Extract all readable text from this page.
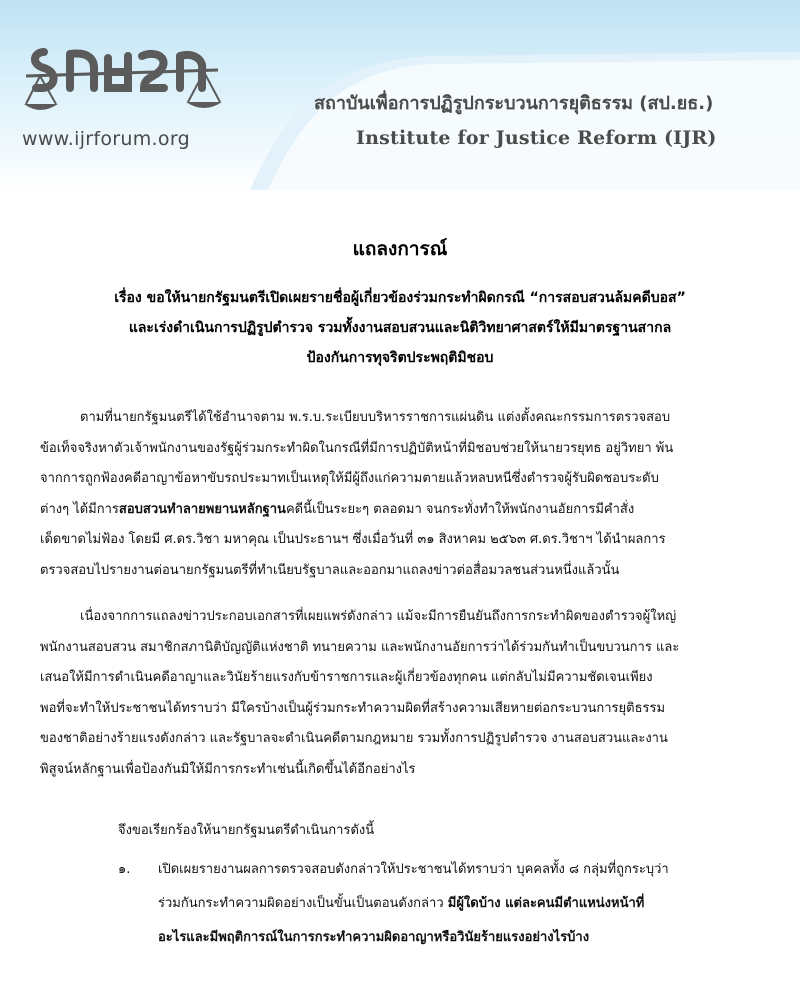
www.ijrforum.org
สถาบันเพื่อการปฏิรูปกระบวนการยุติธรรม (สป.ยธ.)
Institute for Justice Reform (IJR)
แถลงการณ์
เรื่อง ขอให้นายกรัฐมนตรีเปิดเผยรายชื่อผู้เกี่ยวข้องร่วมกระทำผิดกรณี “การสอบสวนล้มคดีบอส”
และเร่งดำเนินการปฏิรูปตำรวจ รวมทั้งงานสอบสวนและนิติวิทยาศาสตร์ให้มีมาตรฐานสากล
ป้องกันการทุจริตประพฤติมิชอบ
ตามที่นายกรัฐมนตรีได้ใช้อำนาจตาม พ.ร.บ.ระเบียบบริหารราชการแผ่นดิน แต่งตั้งคณะกรรมการตรวจสอบ
ข้อเท็จจริงหาตัวเจ้าพนักงานของรัฐผู้ร่วมกระทำผิดในกรณีที่มีการปฏิบัติหน้าที่มิชอบช่วยให้นายวรยุทธ อยู่วิทยา พ้น
จากการถูกฟ้องคดีอาญาข้อหาขับรถประมาทเป็นเหตุให้มีผู้ถึงแก่ความตายแล้วหลบหนีซึ่งตำรวจผู้รับผิดชอบระดับ
ต่างๆ ได้มีการสอบสวนทำลายพยานหลักฐานคดีนี้เป็นระยะๆ ตลอดมา จนกระทั่งทำให้พนักงานอัยการมีคำสั่ง
เด็ดขาดไม่ฟ้อง โดยมี ศ.ดร.วิชา มหาคุณ เป็นประธานฯ ซึ่งเมื่อวันที่ ๓๑ สิงหาคม ๒๕๖๓ ศ.ดร.วิชาฯ ได้นำผลการ
ตรวจสอบไปรายงานต่อนายกรัฐมนตรีที่ทำเนียบรัฐบาลและออกมาแถลงข่าวต่อสื่อมวลชนส่วนหนึ่งแล้วนั้น
เนื่องจากการแถลงข่าวประกอบเอกสารที่เผยแพร่ดังกล่าว แม้จะมีการยืนยันถึงการกระทำผิดของตำรวจผู้ใหญ่
พนักงานสอบสวน สมาชิกสภานิติบัญญัติแห่งชาติ ทนายความ และพนักงานอัยการว่าได้ร่วมกันทำเป็นขบวนการ และ
เสนอให้มีการดำเนินคดีอาญาและวินัยร้ายแรงกับข้าราชการและผู้เกี่ยวข้องทุกคน แต่กลับไม่มีความชัดเจนเพียง
พอที่จะทำให้ประชาชนได้ทราบว่า มีใครบ้างเป็นผู้ร่วมกระทำความผิดที่สร้างความเสียหายต่อกระบวนการยุติธรรม
ของชาติอย่างร้ายแรงดังกล่าว และรัฐบาลจะดำเนินคดีตามกฎหมาย รวมทั้งการปฏิรูปตำรวจ งานสอบสวนและงาน
พิสูจน์หลักฐานเพื่อป้องกันมิให้มีการกระทำเช่นนี้เกิดขึ้นได้อีกอย่างไร
จึงขอเรียกร้องให้นายกรัฐมนตรีดำเนินการดังนี้
๑.	เปิดเผยรายงานผลการตรวจสอบดังกล่าวให้ประชาชนได้ทราบว่า บุคคลทั้ง ๘ กลุ่มที่ถูกระบุว่า
ร่วมกันกระทำความผิดอย่างเป็นขั้นเป็นตอนดังกล่าว มีผู้ใดบ้าง แต่ละคนมีตำแหน่งหน้าที่
อะไรและมีพฤติการณ์ในการกระทำความผิดอาญาหรือวินัยร้ายแรงอย่างไรบ้าง
